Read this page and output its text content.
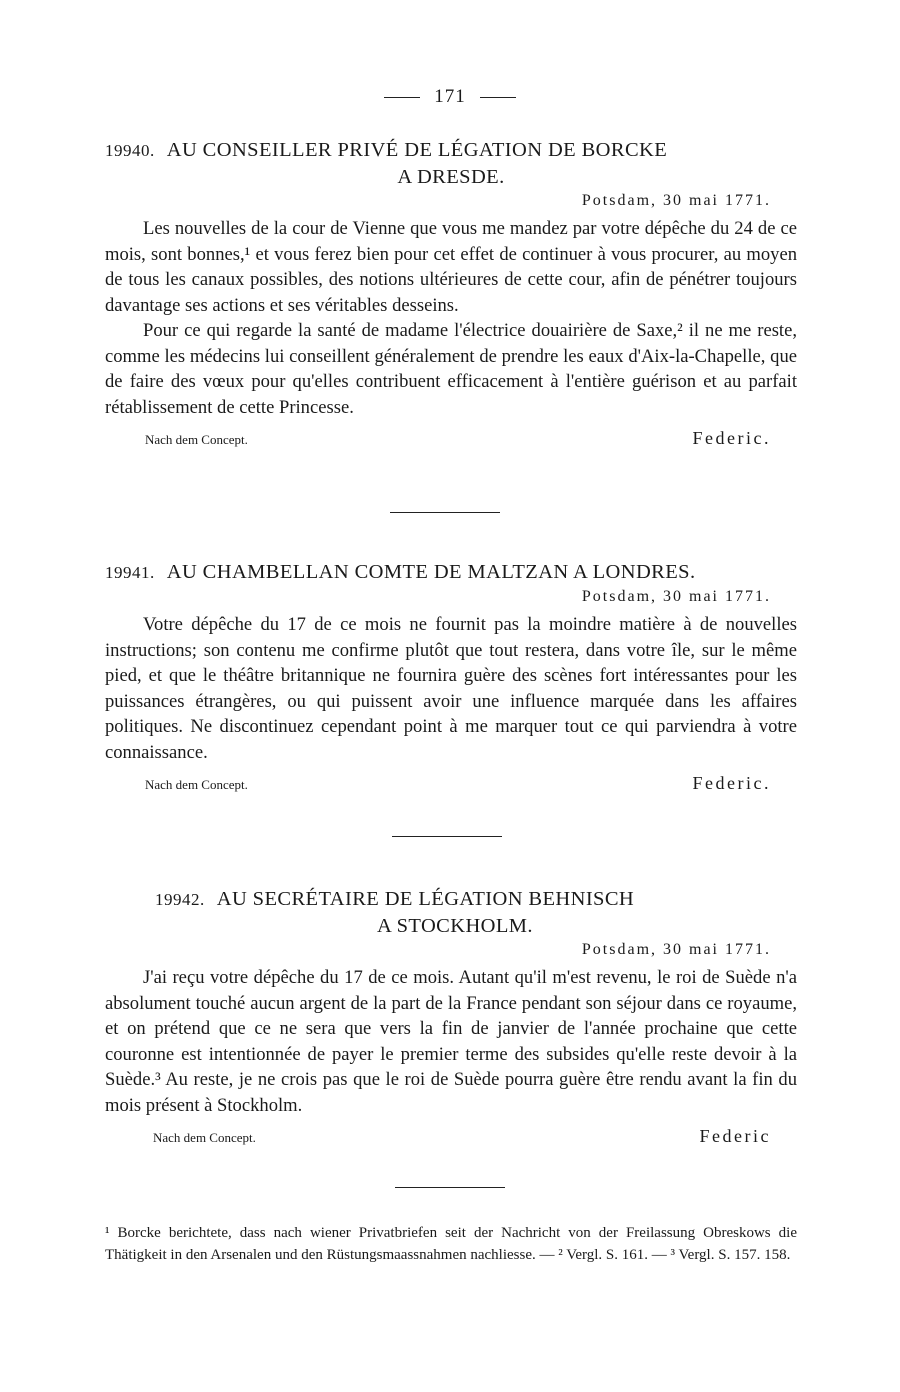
171
19940. AU CONSEILLER PRIVÉ DE LÉGATION DE BORCKE
A DRESDE.
Potsdam, 30 mai 1771.

Les nouvelles de la cour de Vienne que vous me mandez par votre dépêche du 24 de ce mois, sont bonnes,¹ et vous ferez bien pour cet effet de continuer à vous procurer, au moyen de tous les canaux possibles, des notions ultérieures de cette cour, afin de pénétrer toujours davantage ses actions et ses véritables desseins.

Pour ce qui regarde la santé de madame l'électrice douairière de Saxe,² il ne me reste, comme les médecins lui conseillent généralement de prendre les eaux d'Aix-la-Chapelle, que de faire des vœux pour qu'elles contribuent efficacement à l'entière guérison et au parfait rétablissement de cette Princesse.

Nach dem Concept.	Federic.
19941. AU CHAMBELLAN COMTE DE MALTZAN A LONDRES.
Potsdam, 30 mai 1771.

Votre dépêche du 17 de ce mois ne fournit pas la moindre matière à de nouvelles instructions; son contenu me confirme plutôt que tout restera, dans votre île, sur le même pied, et que le théâtre britannique ne fournira guère des scènes fort intéressantes pour les puissances étrangères, ou qui puissent avoir une influence marquée dans les affaires politiques. Ne discontinuez cependant point à me marquer tout ce qui parviendra à votre connaissance.

Nach dem Concept.	Federic.
19942. AU SECRÉTAIRE DE LÉGATION BEHNISCH
A STOCKHOLM.
Potsdam, 30 mai 1771.

J'ai reçu votre dépêche du 17 de ce mois. Autant qu'il m'est revenu, le roi de Suède n'a absolument touché aucun argent de la part de la France pendant son séjour dans ce royaume, et on prétend que ce ne sera que vers la fin de janvier de l'année prochaine que cette couronne est intentionnée de payer le premier terme des subsides qu'elle reste devoir à la Suède.³ Au reste, je ne crois pas que le roi de Suède pourra guère être rendu avant la fin du mois présent à Stockholm.

Nach dem Concept.	Federic
¹ Borcke berichtete, dass nach wiener Privatbriefen seit der Nachricht von der Freilassung Obreskows die Thätigkeit in den Arsenalen und den Rüstungsmaassnahmen nachliesse. — ² Vergl. S. 161. — ³ Vergl. S. 157. 158.
